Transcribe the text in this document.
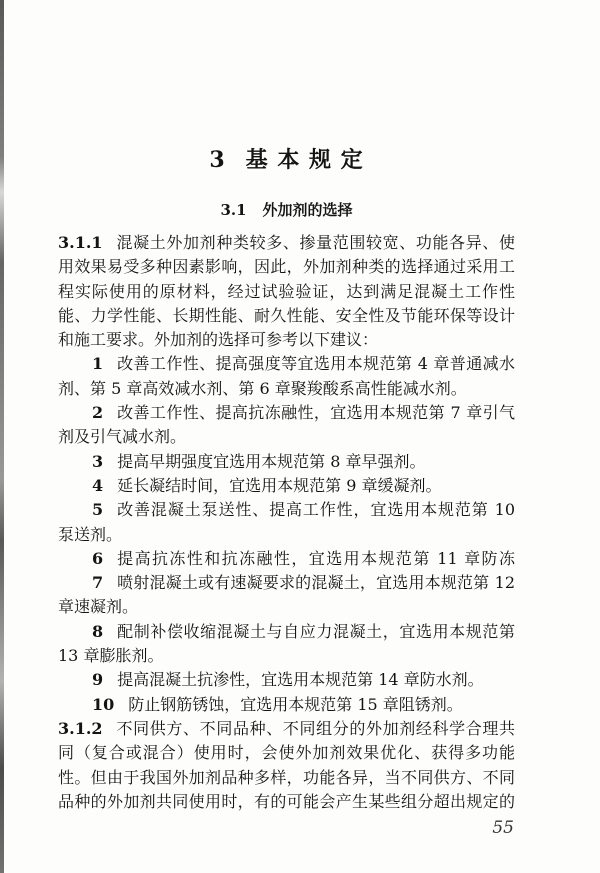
3 基 本 规 定
3.1 外加剂的选择
3.1.1 混凝土外加剂种类较多、掺量范围较宽、功能各异、使
用效果易受多种因素影响，因此，外加剂种类的选择通过采用工
程实际使用的原材料，经过试验验证，达到满足混凝土工作性
能、力学性能、长期性能、耐久性能、安全性及节能环保等设计
和施工要求。外加剂的选择可参考以下建议：
1 改善工作性、提高强度等宜选用本规范第 4 章普通减水
剂、第 5 章高效减水剂、第 6 章聚羧酸系高性能减水剂。
2 改善工作性、提高抗冻融性，宜选用本规范第 7 章引气
剂及引气减水剂。
3 提高早期强度宜选用本规范第 8 章早强剂。
4 延长凝结时间，宜选用本规范第 9 章缓凝剂。
5 改善混凝土泵送性、提高工作性，宜选用本规范第 10
泵送剂。
6 提高抗冻性和抗冻融性，宜选用本规范第 11 章防冻
7 喷射混凝土或有速凝要求的混凝土，宜选用本规范第 12
章速凝剂。
8 配制补偿收缩混凝土与自应力混凝土，宜选用本规范第
13 章膨胀剂。
9 提高混凝土抗渗性，宜选用本规范第 14 章防水剂。
10 防止钢筋锈蚀，宜选用本规范第 15 章阻锈剂。
3.1.2 不同供方、不同品种、不同组分的外加剂经科学合理共
同（复合或混合）使用时，会使外加剂效果优化、获得多功能
性。但由于我国外加剂品种多样，功能各异，当不同供方、不同
品种的外加剂共同使用时，有的可能会产生某些组分超出规定的
55
